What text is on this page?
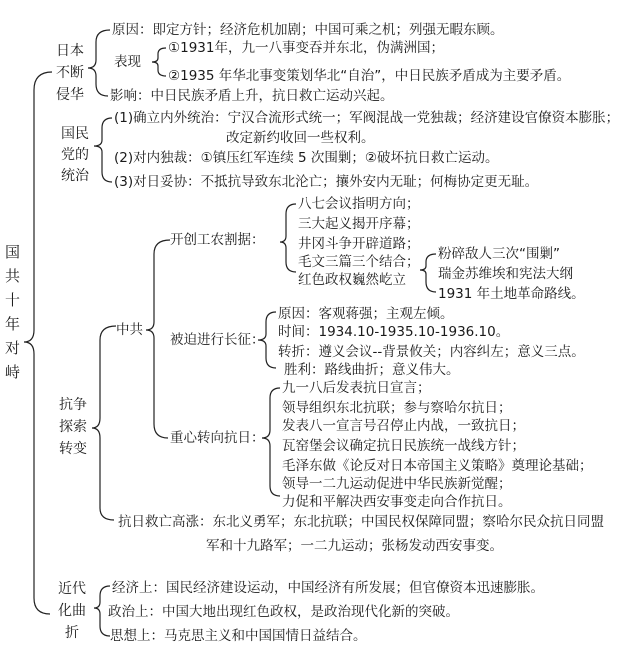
国共十年对峙
日本不断侵华
原因：即定方针；经济危机加剧；中国可乘之机；列强无暇东顾。
表现
①1931年，九一八事变吞并东北，伪满洲国；
②1935 年华北事变策划华北“自治”，中日民族矛盾成为主要矛盾。
影响：中日民族矛盾上升，抗日救亡运动兴起。
国民党的统治
(1)确立内外统治：宁汉合流形式统一；军阀混战一党独裁；经济建设官僚资本膨胀；
改定新约收回一些权利。
(2)对内独裁：①镇压红军连续 5 次围剿；②破坏抗日救亡运动。
(3)对日妥协：不抵抗导致东北沦亡；攘外安内无耻；何梅协定更无耻。
抗争探索转变
中共
开创工农割据：
八七会议指明方向；
三大起义揭开序幕；
井冈斗争开辟道路；
毛文三篇三个结合；
红色政权巍然屹立
粉碎敌人三次“围剿”
瑞金苏维埃和宪法大纲
1931 年土地革命路线。
被迫进行长征：
原因：客观蒋强；主观左倾。
时间：1934.10-1935.10-1936.10。
转折：遵义会议--背景攸关；内容纠左；意义三点。
胜利：路线曲折；意义伟大。
重心转向抗日：
九一八后发表抗日宣言；
领导组织东北抗联；参与察哈尔抗日；
发表八一宣言号召停止内战，一致抗日；
瓦窑堡会议确定抗日民族统一战线方针；
毛泽东做《论反对日本帝国主义策略》奠理论基础；
领导一二九运动促进中华民族新觉醒；
力促和平解决西安事变走向合作抗日。
抗日救亡高涨：东北义勇军；东北抗联；中国民权保障同盟；察哈尔民众抗日同盟
军和十九路军；一二九运动；张杨发动西安事变。
近代化曲折
经济上：国民经济建设运动，中国经济有所发展；但官僚资本迅速膨胀。
政治上：中国大地出现红色政权，是政治现代化新的突破。
思想上：马克思主义和中国国情日益结合。
